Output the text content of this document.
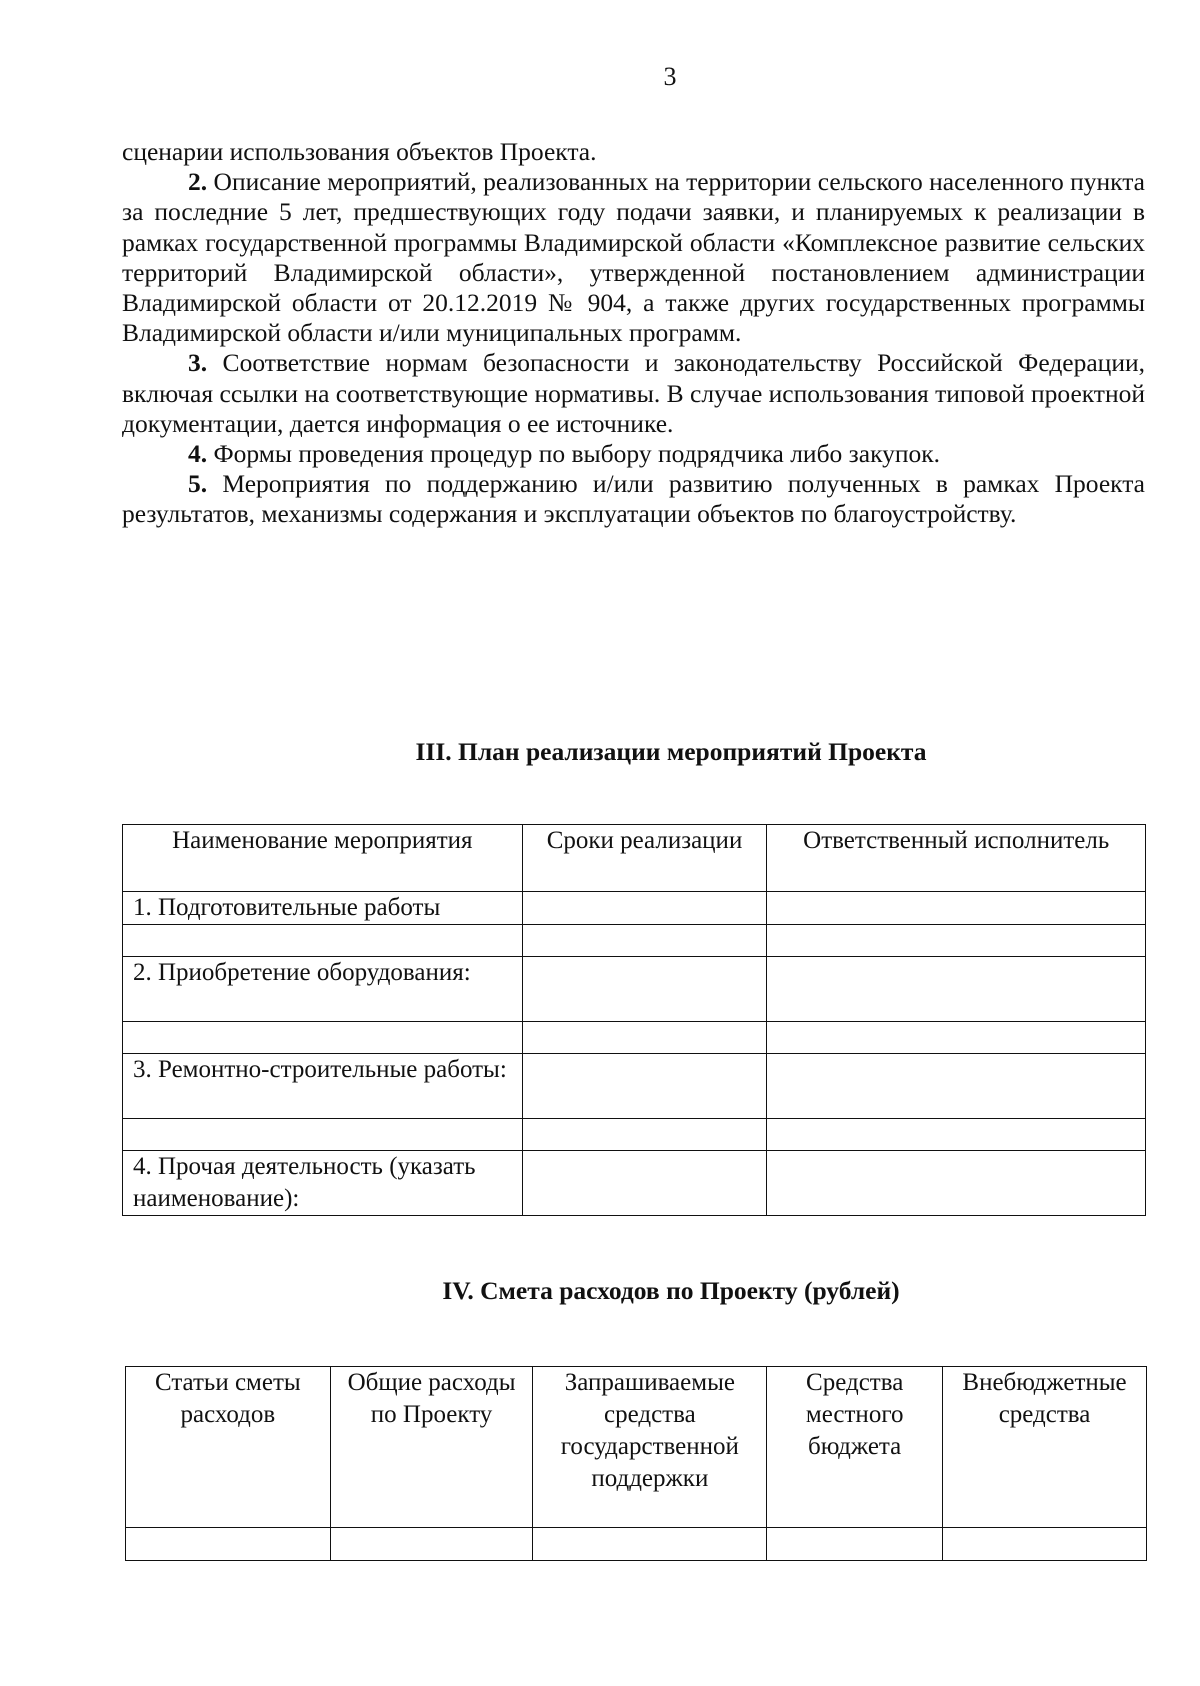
3

сценарии использования объектов Проекта.

2. Описание мероприятий, реализованных на территории сельского населенного пункта за последние 5 лет, предшествующих году подачи заявки, и планируемых к реализации в рамках государственной программы Владимирской области «Комплексное развитие сельских территорий Владимирской области», утвержденной постановлением администрации Владимирской области от 20.12.2019 № 904, а также других государственных программы Владимирской области и/или муниципальных программ.

3. Соответствие нормам безопасности и законодательству Российской Федерации, включая ссылки на соответствующие нормативы. В случае использования типовой проектной документации, дается информация о ее источнике.

4. Формы проведения процедур по выбору подрядчика либо закупок.

5. Мероприятия по поддержанию и/или развитию полученных в рамках Проекта результатов, механизмы содержания и эксплуатации объектов по благоустройству.

III. План реализации мероприятий Проекта
Наименование мероприятия	Сроки реализации	Ответственный исполнитель
1. Подготовительные работы		

2. Приобретение оборудования:		

3. Ремонтно-строительные работы:		

4. Прочая деятельность (указать наименование):		
IV. Смета расходов по Проекту (рублей)
Статьи сметы расходов	Общие расходы по Проекту	Запрашиваемые средства государственной поддержки	Средства местного бюджета	Внебюджетные средства
